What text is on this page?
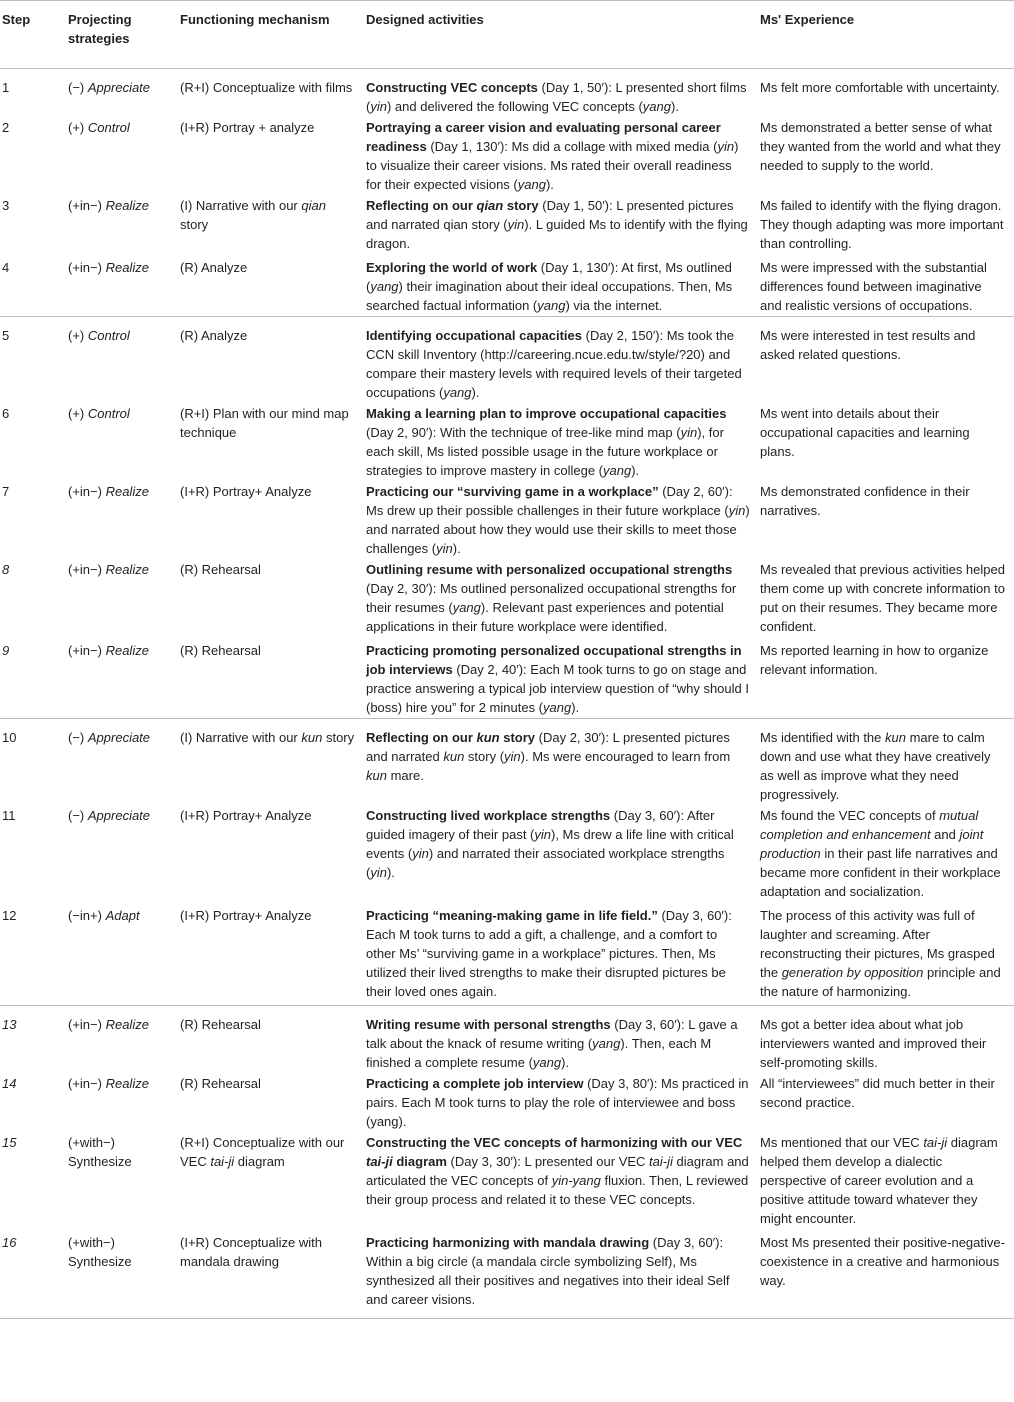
Step	Projecting strategies	Functioning mechanism	Designed activities	Ms' Experience
1	(−) Appreciate	(R+I) Conceptualize with films	Constructing VEC concepts (Day 1, 50′): L presented short films (yin) and delivered the following VEC concepts (yang).	Ms felt more comfortable with uncertainty.
2	(+) Control	(I+R) Portray + analyze	Portraying a career vision and evaluating personal career readiness (Day 1, 130′): Ms did a collage with mixed media (yin) to visualize their career visions. Ms rated their overall readiness for their expected visions (yang).	Ms demonstrated a better sense of what they wanted from the world and what they needed to supply to the world.
3	(+in−) Realize	(I) Narrative with our qian story	Reflecting on our qian story (Day 1, 50′): L presented pictures and narrated qian story (yin). L guided Ms to identify with the flying dragon.	Ms failed to identify with the flying dragon. They though adapting was more important than controlling.
4	(+in−) Realize	(R) Analyze	Exploring the world of work (Day 1, 130′): At first, Ms outlined (yang) their imagination about their ideal occupations. Then, Ms searched factual information (yang) via the internet.	Ms were impressed with the substantial differences found between imaginative and realistic versions of occupations.
5	(+) Control	(R) Analyze	Identifying occupational capacities (Day 2, 150′): Ms took the CCN skill Inventory (http://careering.ncue.edu.tw/style/?20) and compare their mastery levels with required levels of their targeted occupations (yang).	Ms were interested in test results and asked related questions.
6	(+) Control	(R+I) Plan with our mind map technique	Making a learning plan to improve occupational capacities (Day 2, 90′): With the technique of tree-like mind map (yin), for each skill, Ms listed possible usage in the future workplace or strategies to improve mastery in college (yang).	Ms went into details about their occupational capacities and learning plans.
7	(+in−) Realize	(I+R) Portray+ Analyze	Practicing our “surviving game in a workplace” (Day 2, 60′): Ms drew up their possible challenges in their future workplace (yin) and narrated about how they would use their skills to meet those challenges (yin).	Ms demonstrated confidence in their narratives.
8	(+in−) Realize	(R) Rehearsal	Outlining resume with personalized occupational strengths (Day 2, 30′): Ms outlined personalized occupational strengths for their resumes (yang). Relevant past experiences and potential applications in their future workplace were identified.	Ms revealed that previous activities helped them come up with concrete information to put on their resumes. They became more confident.
9	(+in−) Realize	(R) Rehearsal	Practicing promoting personalized occupational strengths in job interviews (Day 2, 40′): Each M took turns to go on stage and practice answering a typical job interview question of “why should I (boss) hire you” for 2 minutes (yang).	Ms reported learning in how to organize relevant information.
10	(−) Appreciate	(I) Narrative with our kun story	Reflecting on our kun story (Day 2, 30′): L presented pictures and narrated kun story (yin). Ms were encouraged to learn from kun mare.	Ms identified with the kun mare to calm down and use what they have creatively as well as improve what they need progressively.
11	(−) Appreciate	(I+R) Portray+ Analyze	Constructing lived workplace strengths (Day 3, 60′): After guided imagery of their past (yin), Ms drew a life line with critical events (yin) and narrated their associated workplace strengths (yin).	Ms found the VEC concepts of mutual completion and enhancement and joint production in their past life narratives and became more confident in their workplace adaptation and socialization.
12	(−in+) Adapt	(I+R) Portray+ Analyze	Practicing “meaning-making game in life field.” (Day 3, 60′): Each M took turns to add a gift, a challenge, and a comfort to other Ms’ “surviving game in a workplace” pictures. Then, Ms utilized their lived strengths to make their disrupted pictures be their loved ones again.	The process of this activity was full of laughter and screaming. After reconstructing their pictures, Ms grasped the generation by opposition principle and the nature of harmonizing.
13	(+in−) Realize	(R) Rehearsal	Writing resume with personal strengths (Day 3, 60′): L gave a talk about the knack of resume writing (yang). Then, each M finished a complete resume (yang).	Ms got a better idea about what job interviewers wanted and improved their self-promoting skills.
14	(+in−) Realize	(R) Rehearsal	Practicing a complete job interview (Day 3, 80′): Ms practiced in pairs. Each M took turns to play the role of interviewee and boss (yang).	All “interviewees” did much better in their second practice.
15	(+with−) Synthesize	(R+I) Conceptualize with our VEC tai-ji diagram	Constructing the VEC concepts of harmonizing with our VEC tai-ji diagram (Day 3, 30′): L presented our VEC tai-ji diagram and articulated the VEC concepts of yin-yang fluxion. Then, L reviewed their group process and related it to these VEC concepts.	Ms mentioned that our VEC tai-ji diagram helped them develop a dialectic perspective of career evolution and a positive attitude toward whatever they might encounter.
16	(+with−) Synthesize	(I+R) Conceptualize with mandala drawing	Practicing harmonizing with mandala drawing (Day 3, 60′): Within a big circle (a mandala circle symbolizing Self), Ms synthesized all their positives and negatives into their ideal Self and career visions.	Most Ms presented their positive-negative-coexistence in a creative and harmonious way.
